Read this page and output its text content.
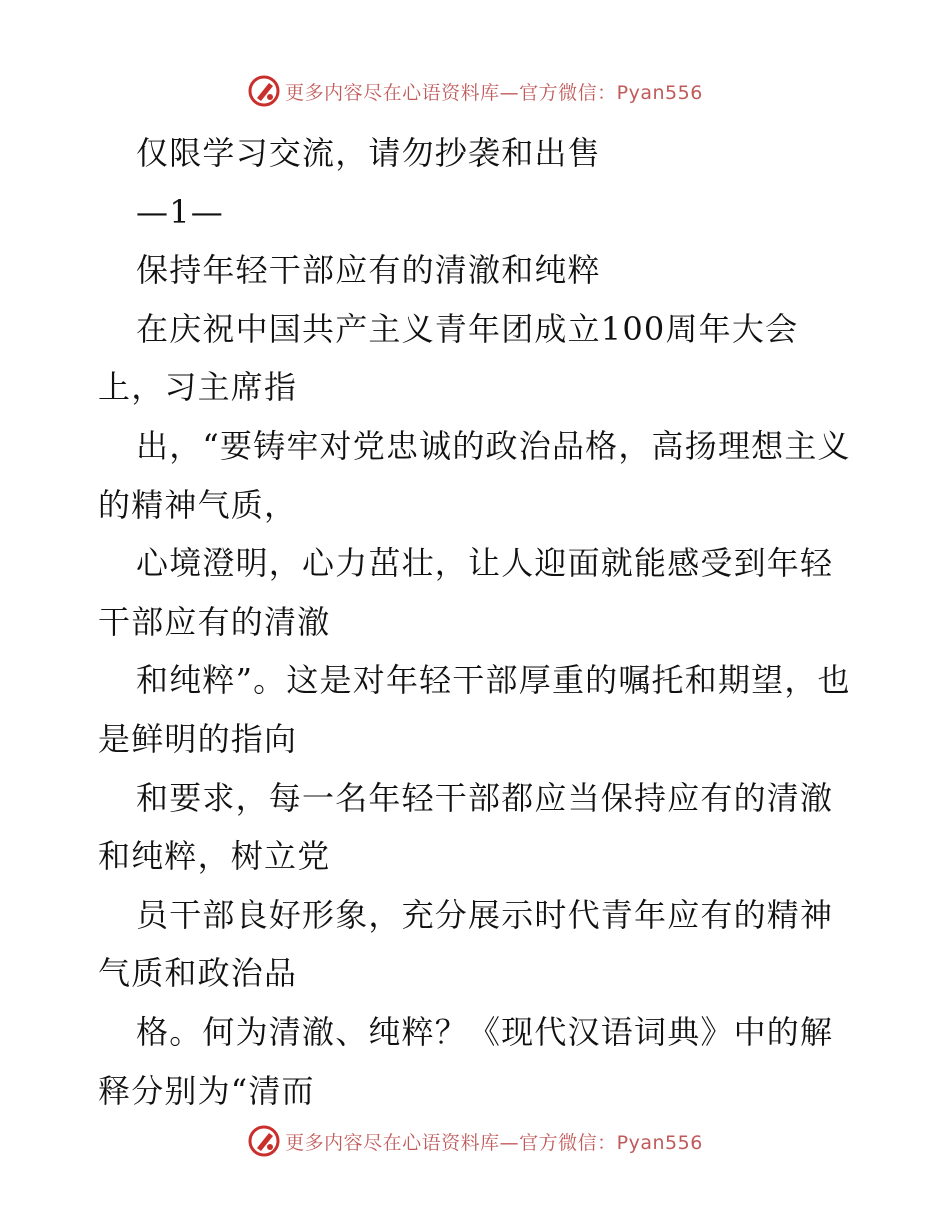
更多内容尽在心语资料库—官方微信：Pyan556

仅限学习交流，请勿抄袭和出售

—1—

保持年轻干部应有的清澈和纯粹

在庆祝中国共产主义青年团成立100周年大会上，习主席指

出，“要铸牢对党忠诚的政治品格，高扬理想主义的精神气质，

心境澄明，心力茁壮，让人迎面就能感受到年轻干部应有的清澈

和纯粹”。这是对年轻干部厚重的嘱托和期望，也是鲜明的指向

和要求，每一名年轻干部都应当保持应有的清澈和纯粹，树立党

员干部良好形象，充分展示时代青年应有的精神气质和政治品

格。何为清澈、纯粹？《现代汉语词典》中的解释分别为“清而

更多内容尽在心语资料库—官方微信：Pyan556
